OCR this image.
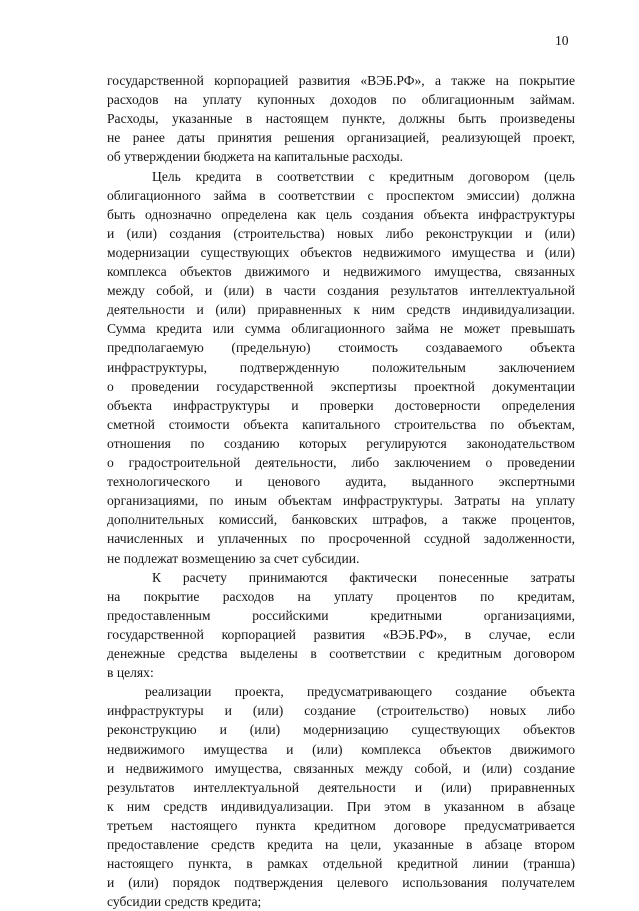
10
государственной корпорацией развития «ВЭБ.РФ», а также на покрытие
расходов на уплату купонных доходов по облигационным займам.
Расходы, указанные в настоящем пункте, должны быть произведены
не ранее даты принятия решения организацией, реализующей проект,
об утверждении бюджета на капитальные расходы.
Цель кредита в соответствии с кредитным договором (цель
облигационного займа в соответствии с проспектом эмиссии) должна
быть однозначно определена как цель создания объекта инфраструктуры
и (или) создания (строительства) новых либо реконструкции и (или)
модернизации существующих объектов недвижимого имущества и (или)
комплекса объектов движимого и недвижимого имущества, связанных
между собой, и (или) в части создания результатов интеллектуальной
деятельности и (или) приравненных к ним средств индивидуализации.
Сумма кредита или сумма облигационного займа не может превышать
предполагаемую (предельную) стоимость создаваемого объекта
инфраструктуры, подтвержденную положительным заключением
о проведении государственной экспертизы проектной документации
объекта инфраструктуры и проверки достоверности определения
сметной стоимости объекта капитального строительства по объектам,
отношения по созданию которых регулируются законодательством
о градостроительной деятельности, либо заключением о проведении
технологического и ценового аудита, выданного экспертными
организациями, по иным объектам инфраструктуры. Затраты на уплату
дополнительных комиссий, банковских штрафов, а также процентов,
начисленных и уплаченных по просроченной ссудной задолженности,
не подлежат возмещению за счет субсидии.
К расчету принимаются фактически понесенные затраты
на покрытие расходов на уплату процентов по кредитам,
предоставленным российскими кредитными организациями,
государственной корпорацией развития «ВЭБ.РФ», в случае, если
денежные средства выделены в соответствии с кредитным договором
в целях:
реализации проекта, предусматривающего создание объекта
инфраструктуры и (или) создание (строительство) новых либо
реконструкцию и (или) модернизацию существующих объектов
недвижимого имущества и (или) комплекса объектов движимого
и недвижимого имущества, связанных между собой, и (или) создание
результатов интеллектуальной деятельности и (или) приравненных
к ним средств индивидуализации. При этом в указанном в абзаце
третьем настоящего пункта кредитном договоре предусматривается
предоставление средств кредита на цели, указанные в абзаце втором
настоящего пункта, в рамках отдельной кредитной линии (транша)
и (или) порядок подтверждения целевого использования получателем
субсидии средств кредита;
